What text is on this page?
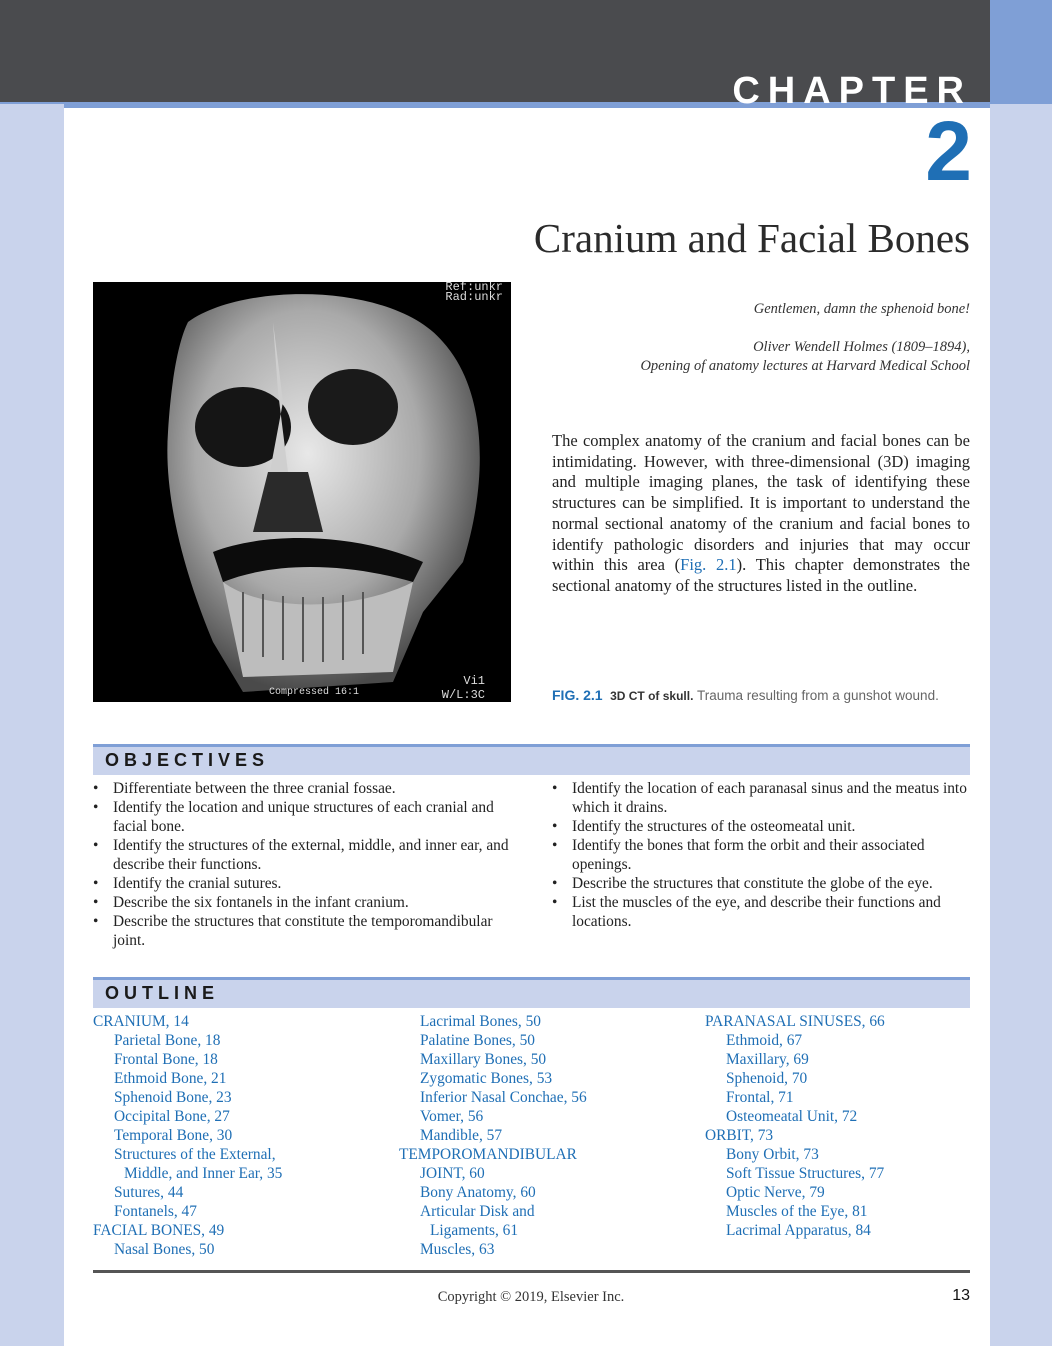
CHAPTER
2
Cranium and Facial Bones
Ref:unkr
Rad:unkr
Compressed 16:1
Vi1
W/L:3C
Gentlemen, damn the sphenoid bone!
Oliver Wendell Holmes (1809–1894),
Opening of anatomy lectures at Harvard Medical School
The complex anatomy of the cranium and facial bones can be intimidating. However, with three-dimensional (3D) imaging and multiple imaging planes, the task of identifying these structures can be simplified. It is important to understand the normal sectional anatomy of the cranium and facial bones to identify pathologic disorders and injuries that may occur within this area (Fig. 2.1). This chapter demonstrates the sectional anatomy of the structures listed in the outline.
FIG. 2.1 3D CT of skull. Trauma resulting from a gunshot wound.
OBJECTIVES
• Differentiate between the three cranial fossae.
• Identify the location and unique structures of each cranial and facial bone.
• Identify the structures of the external, middle, and inner ear, and describe their functions.
• Identify the cranial sutures.
• Describe the six fontanels in the infant cranium.
• Describe the structures that constitute the temporomandibular joint.
• Identify the location of each paranasal sinus and the meatus into which it drains.
• Identify the structures of the osteomeatal unit.
• Identify the bones that form the orbit and their associated openings.
• Describe the structures that constitute the globe of the eye.
• List the muscles of the eye, and describe their functions and locations.
OUTLINE
CRANIUM, 14
Parietal Bone, 18
Frontal Bone, 18
Ethmoid Bone, 21
Sphenoid Bone, 23
Occipital Bone, 27
Temporal Bone, 30
Structures of the External,
Middle, and Inner Ear, 35
Sutures, 44
Fontanels, 47
FACIAL BONES, 49
Nasal Bones, 50
Lacrimal Bones, 50
Palatine Bones, 50
Maxillary Bones, 50
Zygomatic Bones, 53
Inferior Nasal Conchae, 56
Vomer, 56
Mandible, 57
TEMPOROMANDIBULAR
JOINT, 60
Bony Anatomy, 60
Articular Disk and
Ligaments, 61
Muscles, 63
PARANASAL SINUSES, 66
Ethmoid, 67
Maxillary, 69
Sphenoid, 70
Frontal, 71
Osteomeatal Unit, 72
ORBIT, 73
Bony Orbit, 73
Soft Tissue Structures, 77
Optic Nerve, 79
Muscles of the Eye, 81
Lacrimal Apparatus, 84
Copyright © 2019, Elsevier Inc.	13
